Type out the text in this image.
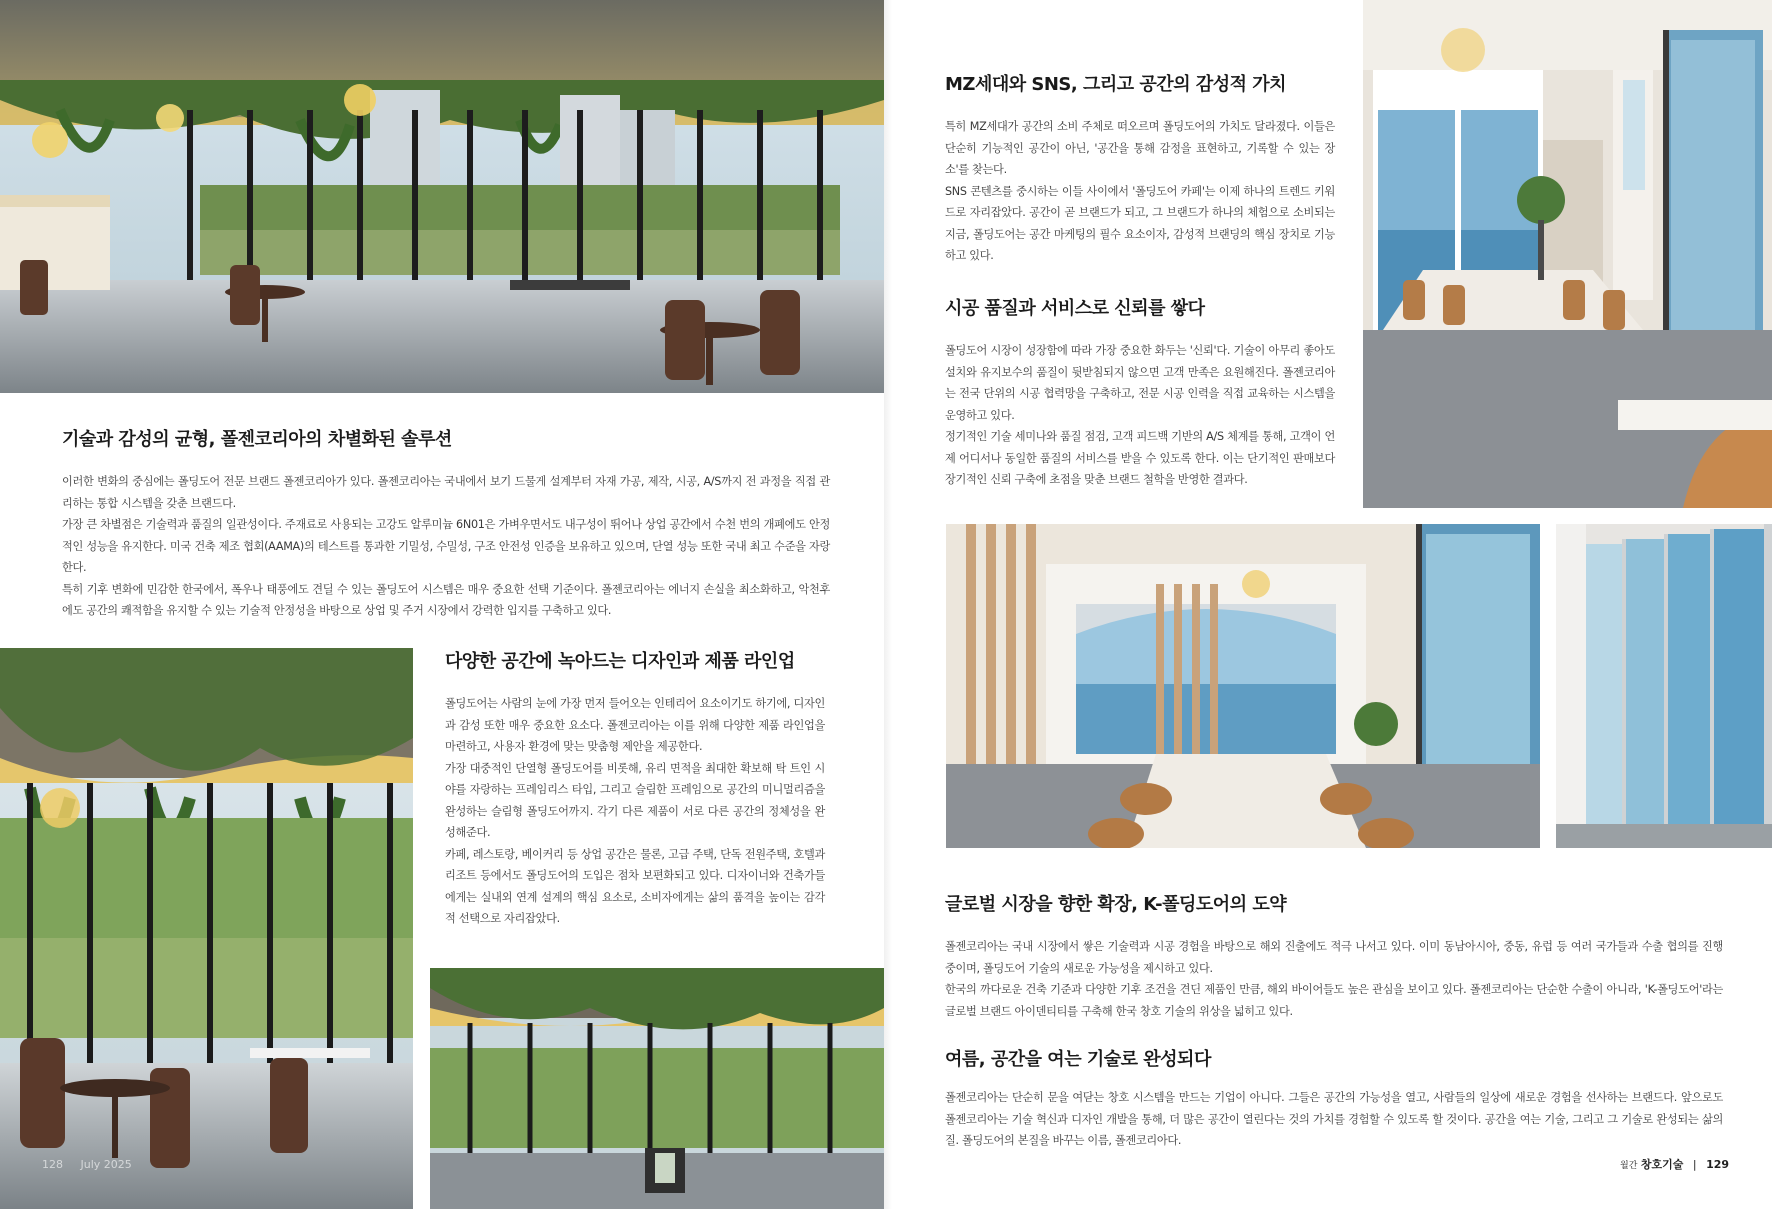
기술과 감성의 균형, 폴젠코리아의 차별화된 솔루션

이러한 변화의 중심에는 폴딩도어 전문 브랜드 폴젠코리아가 있다. 폴젠코리아는 국내에서 보기 드물게 설계부터 자재 가공, 제작, 시공, A/S까지 전 과정을 직접 관리하는 통합 시스템을 갖춘 브랜드다.

가장 큰 차별점은 기술력과 품질의 일관성이다. 주재료로 사용되는 고강도 알루미늄 6N01은 가벼우면서도 내구성이 뛰어나 상업 공간에서 수천 번의 개폐에도 안정적인 성능을 유지한다. 미국 건축 제조 협회(AAMA)의 테스트를 통과한 기밀성, 수밀성, 구조 안전성 인증을 보유하고 있으며, 단열 성능 또한 국내 최고 수준을 자랑한다.

특히 기후 변화에 민감한 한국에서, 폭우나 태풍에도 견딜 수 있는 폴딩도어 시스템은 매우 중요한 선택 기준이다. 폴젠코리아는 에너지 손실을 최소화하고, 악천후에도 공간의 쾌적함을 유지할 수 있는 기술적 안정성을 바탕으로 상업 및 주거 시장에서 강력한 입지를 구축하고 있다.

다양한 공간에 녹아드는 디자인과 제품 라인업

폴딩도어는 사람의 눈에 가장 먼저 들어오는 인테리어 요소이기도 하기에, 디자인과 감성 또한 매우 중요한 요소다. 폴젠코리아는 이를 위해 다양한 제품 라인업을 마련하고, 사용자 환경에 맞는 맞춤형 제안을 제공한다.

가장 대중적인 단열형 폴딩도어를 비롯해, 유리 면적을 최대한 확보해 탁 트인 시야를 자랑하는 프레임리스 타입, 그리고 슬림한 프레임으로 공간의 미니멀리즘을 완성하는 슬림형 폴딩도어까지. 각기 다른 제품이 서로 다른 공간의 정체성을 완성해준다.

카페, 레스토랑, 베이커리 등 상업 공간은 물론, 고급 주택, 단독 전원주택, 호텔과 리조트 등에서도 폴딩도어의 도입은 점차 보편화되고 있다. 디자이너와 건축가들에게는 실내외 연계 설계의 핵심 요소로, 소비자에게는 삶의 품격을 높이는 감각적 선택으로 자리잡았다.

128 July 2025
MZ세대와 SNS, 그리고 공간의 감성적 가치

특히 MZ세대가 공간의 소비 주체로 떠오르며 폴딩도어의 가치도 달라졌다. 이들은 단순히 기능적인 공간이 아닌, '공간을 통해 감정을 표현하고, 기록할 수 있는 장소'를 찾는다.

SNS 콘텐츠를 중시하는 이들 사이에서 '폴딩도어 카페'는 이제 하나의 트렌드 키워드로 자리잡았다. 공간이 곧 브랜드가 되고, 그 브랜드가 하나의 체험으로 소비되는 지금, 폴딩도어는 공간 마케팅의 필수 요소이자, 감성적 브랜딩의 핵심 장치로 기능하고 있다.

시공 품질과 서비스로 신뢰를 쌓다

폴딩도어 시장이 성장함에 따라 가장 중요한 화두는 '신뢰'다. 기술이 아무리 좋아도 설치와 유지보수의 품질이 뒷받침되지 않으면 고객 만족은 요원해진다. 폴젠코리아는 전국 단위의 시공 협력망을 구축하고, 전문 시공 인력을 직접 교육하는 시스템을 운영하고 있다.

정기적인 기술 세미나와 품질 점검, 고객 피드백 기반의 A/S 체계를 통해, 고객이 언제 어디서나 동일한 품질의 서비스를 받을 수 있도록 한다. 이는 단기적인 판매보다 장기적인 신뢰 구축에 초점을 맞춘 브랜드 철학을 반영한 결과다.

글로벌 시장을 향한 확장, K-폴딩도어의 도약

폴젠코리아는 국내 시장에서 쌓은 기술력과 시공 경험을 바탕으로 해외 진출에도 적극 나서고 있다. 이미 동남아시아, 중동, 유럽 등 여러 국가들과 수출 협의를 진행 중이며, 폴딩도어 기술의 새로운 가능성을 제시하고 있다.

한국의 까다로운 건축 기준과 다양한 기후 조건을 견딘 제품인 만큼, 해외 바이어들도 높은 관심을 보이고 있다. 폴젠코리아는 단순한 수출이 아니라, 'K-폴딩도어'라는 글로벌 브랜드 아이덴티티를 구축해 한국 창호 기술의 위상을 넓히고 있다.

여름, 공간을 여는 기술로 완성되다

폴젠코리아는 단순히 문을 여닫는 창호 시스템을 만드는 기업이 아니다. 그들은 공간의 가능성을 열고, 사람들의 일상에 새로운 경험을 선사하는 브랜드다. 앞으로도 폴젠코리아는 기술 혁신과 디자인 개발을 통해, 더 많은 공간이 열린다는 것의 가치를 경험할 수 있도록 할 것이다. 공간을 여는 기술, 그리고 그 기술로 완성되는 삶의 질. 폴딩도어의 본질을 바꾸는 이름, 폴젠코리아다.

월간 창호기술 | 129
